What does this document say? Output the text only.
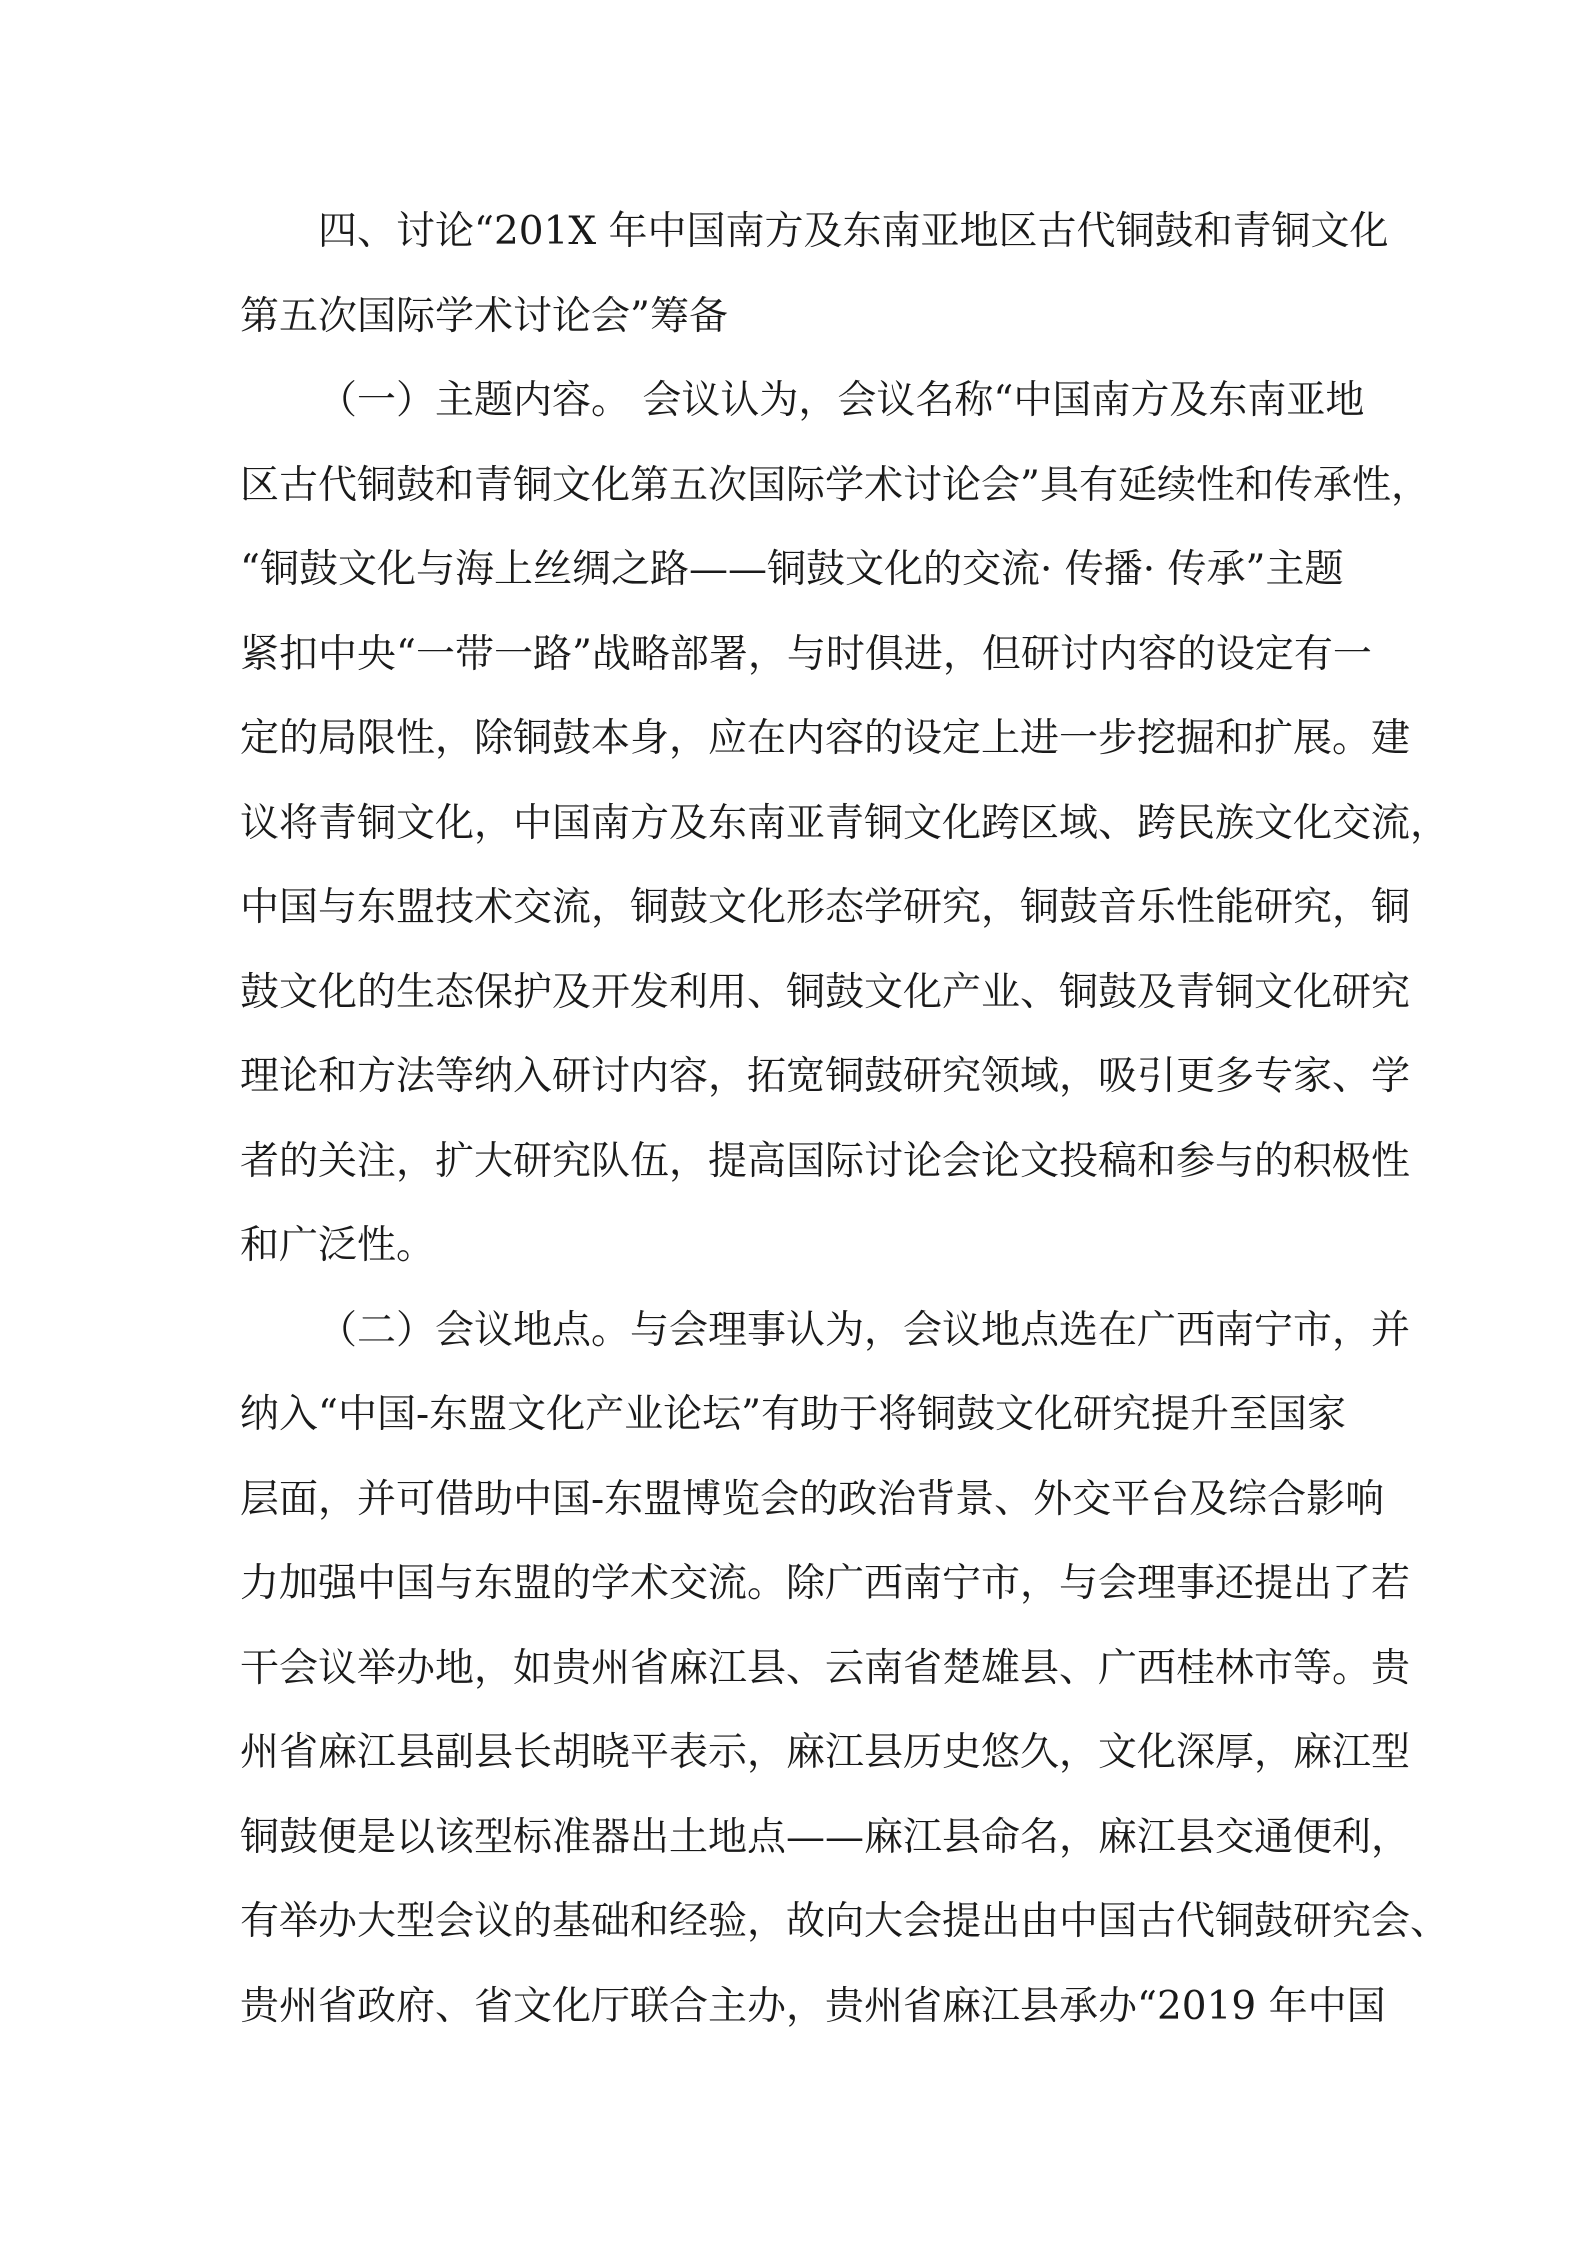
四、讨论“201X 年中国南方及东南亚地区古代铜鼓和青铜文化
第五次国际学术讨论会”筹备
（一）主题内容。 会议认为，会议名称“中国南方及东南亚地
区古代铜鼓和青铜文化第五次国际学术讨论会”具有延续性和传承性，
“铜鼓文化与海上丝绸之路——铜鼓文化的交流· 传播· 传承”主题
紧扣中央“一带一路”战略部署，与时俱进，但研讨内容的设定有一
定的局限性，除铜鼓本身，应在内容的设定上进一步挖掘和扩展。建
议将青铜文化，中国南方及东南亚青铜文化跨区域、跨民族文化交流，
中国与东盟技术交流，铜鼓文化形态学研究，铜鼓音乐性能研究，铜
鼓文化的生态保护及开发利用、铜鼓文化产业、铜鼓及青铜文化研究
理论和方法等纳入研讨内容，拓宽铜鼓研究领域，吸引更多专家、学
者的关注，扩大研究队伍，提高国际讨论会论文投稿和参与的积极性
和广泛性。
（二）会议地点。与会理事认为，会议地点选在广西南宁市，并
纳入“中国-东盟文化产业论坛”有助于将铜鼓文化研究提升至国家
层面，并可借助中国-东盟博览会的政治背景、外交平台及综合影响
力加强中国与东盟的学术交流。除广西南宁市，与会理事还提出了若
干会议举办地，如贵州省麻江县、云南省楚雄县、广西桂林市等。贵
州省麻江县副县长胡晓平表示，麻江县历史悠久，文化深厚，麻江型
铜鼓便是以该型标准器出土地点——麻江县命名，麻江县交通便利，
有举办大型会议的基础和经验，故向大会提出由中国古代铜鼓研究会、
贵州省政府、省文化厅联合主办，贵州省麻江县承办“2019 年中国
